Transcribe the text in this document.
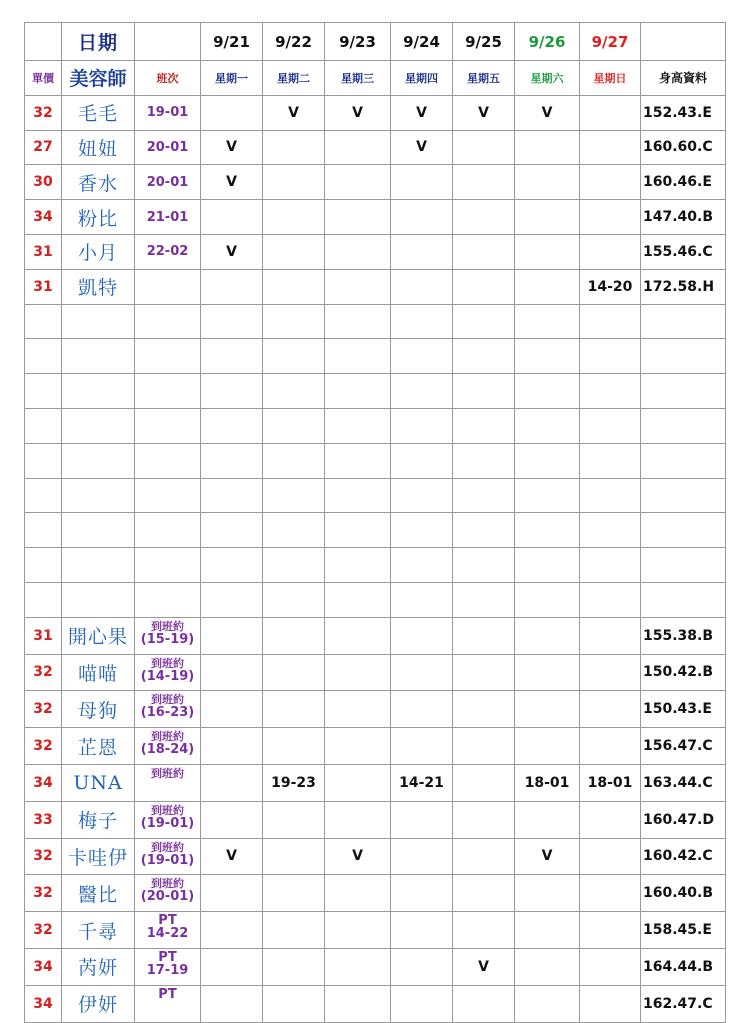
	日期		9/21	9/22	9/23	9/24	9/25	9/26	9/27	
單價	美容師	班次	星期一	星期二	星期三	星期四	星期五	星期六	星期日	身高資料
32	毛毛	19-01		V	V	V	V	V		152.43.E
27	妞妞	20-01	V			V				160.60.C
30	香水	20-01	V							160.46.E
34	粉比	21-01								147.40.B
31	小月	22-02	V							155.46.C
31	凱特								14-20	172.58.H

31	開心果	到班約
(15-19)								155.38.B
32	喵喵	到班約
(14-19)								150.42.B
32	母狗	到班約
(16-23)								150.43.E
32	芷恩	到班約
(18-24)								156.47.C
34	UNA	到班約		19-23		14-21		18-01	18-01	163.44.C
33	梅子	到班約
(19-01)								160.47.D
32	卡哇伊	到班約
(19-01)	V		V			V		160.42.C
32	醫比	到班約
(20-01)								160.40.B
32	千尋	PT
14-22								158.45.E
34	芮妍	PT
17-19					V			164.44.B
34	伊妍	PT								162.47.C
